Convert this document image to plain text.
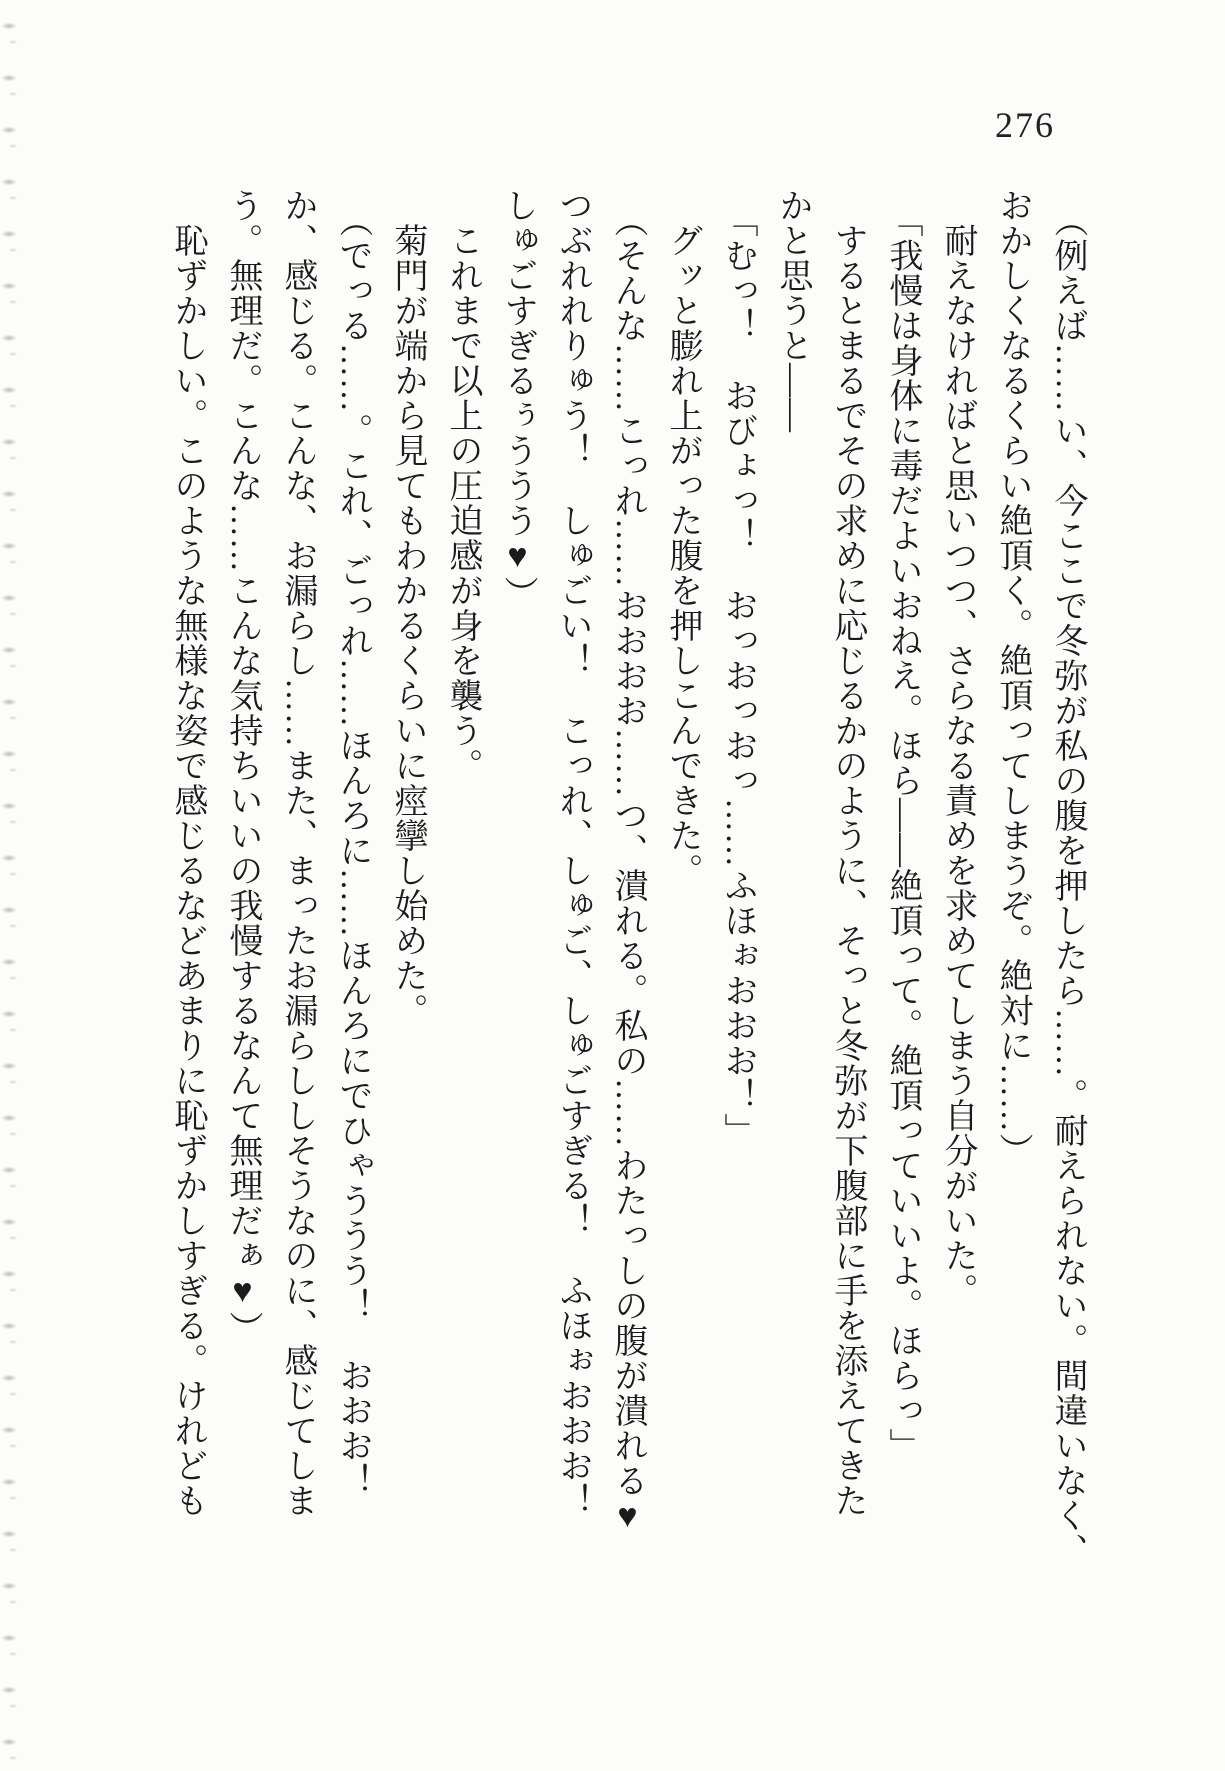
276

（例えば……い、今ここで冬弥が私の腹を押したら……。耐えられない。間違いなく、

おかしくなるくらい絶頂く。絶頂ってしまうぞ。絶対に……）

耐えなければと思いつつ、さらなる責めを求めてしまう自分がいた。

「我慢は身体に毒だよいおねえ。ほら――絶頂って。絶頂っていいよ。ほらっ」

するとまるでその求めに応じるかのように、そっと冬弥が下腹部に手を添えてきた

かと思うと――

「むっ！　おびょっ！　おっおっおっ……ふほぉおおお！」

グッと膨れ上がった腹を押しこんできた。

（そんな……こっれ……おおおお……つ、潰れる。私の……わたっしの腹が潰れる♥

つぶれれりゅう！　しゅごい！　こっれ、しゅご、しゅごすぎる！　ふほぉおおお！

しゅごすぎるぅううう♥）

これまで以上の圧迫感が身を襲う。

菊門が端から見てもわかるくらいに痙攣し始めた。

（でっる……。これ、ごっれ……ほんろに……ほんろにでひゃううう！　おおお！

か、感じる。こんな、お漏らし……また、まったお漏らししそうなのに、感じてしま

う。無理だ。こんな……こんな気持ちいいの我慢するなんて無理だぁ♥）

恥ずかしい。このような無様な姿で感じるなどあまりに恥ずかしすぎる。けれども
